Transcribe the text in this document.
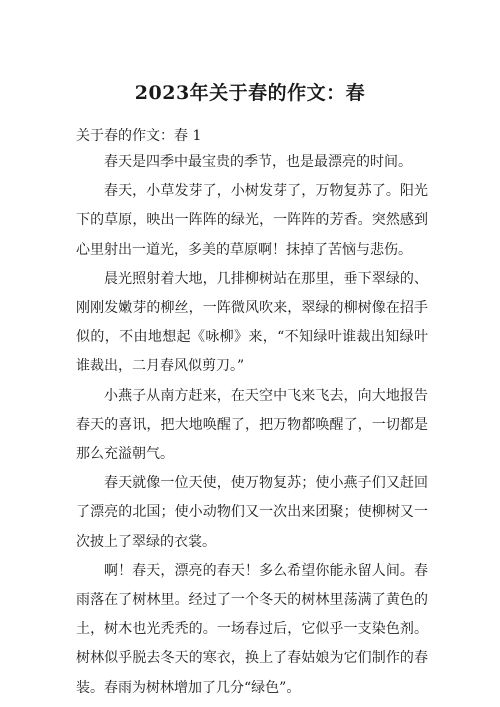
2023年关于春的作文：春
关于春的作文：春 1

春天是四季中最宝贵的季节，也是最漂亮的时间。

春天，小草发芽了，小树发芽了，万物复苏了。阳光下的草原，映出一阵阵的绿光，一阵阵的芳香。突然感到心里射出一道光，多美的草原啊！抹掉了苦恼与悲伤。

晨光照射着大地，几排柳树站在那里，垂下翠绿的、刚刚发嫩芽的柳丝，一阵微风吹来，翠绿的柳树像在招手似的，不由地想起《咏柳》来，“不知绿叶谁裁出知绿叶谁裁出，二月春风似剪刀。”

小燕子从南方赶来，在天空中飞来飞去，向大地报告春天的喜讯，把大地唤醒了，把万物都唤醒了，一切都是那么充溢朝气。

春天就像一位天使，使万物复苏；使小燕子们又赶回了漂亮的北国；使小动物们又一次出来团聚；使柳树又一次披上了翠绿的衣裳。

啊！春天，漂亮的春天！多么希望你能永留人间。春雨落在了树林里。经过了一个冬天的树林里荡满了黄色的土，树木也光秃秃的。一场春过后，它似乎一支染色剂。树林似乎脱去冬天的寒衣，换上了春姑娘为它们制作的春装。春雨为树林增加了几分“绿色”。
